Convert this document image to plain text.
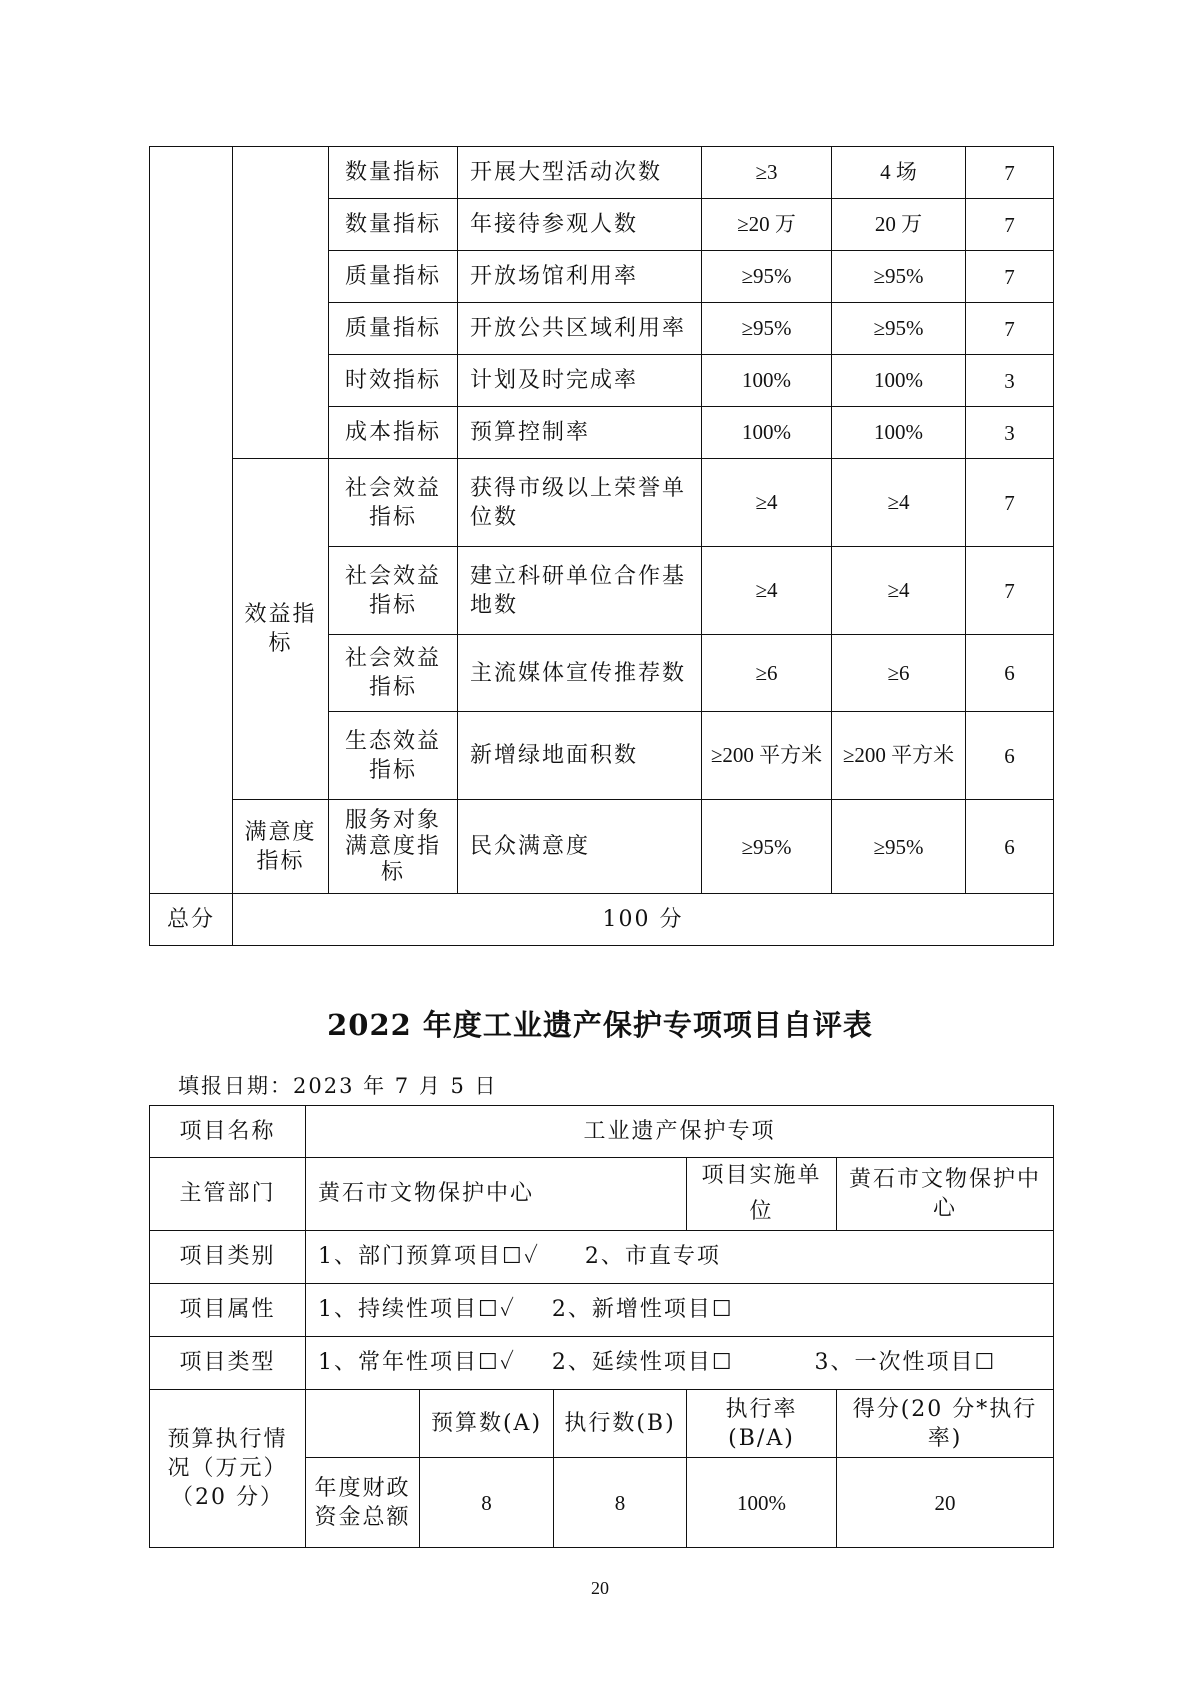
		数量指标	开展大型活动次数	≥3	4 场	7
		数量指标	年接待参观人数	≥20 万	20 万	7
		质量指标	开放场馆利用率	≥95%	≥95%	7
		质量指标	开放公共区域利用率	≥95%	≥95%	7
		时效指标	计划及时完成率	100%	100%	3
		成本指标	预算控制率	100%	100%	3
	效益指标	社会效益指标	获得市级以上荣誉单位数	≥4	≥4	7
		社会效益指标	建立科研单位合作基地数	≥4	≥4	7
		社会效益指标	主流媒体宣传推荐数	≥6	≥6	6
		生态效益指标	新增绿地面积数	≥200 平方米	≥200 平方米	6
	满意度指标	服务对象满意度指标	民众满意度	≥95%	≥95%	6
总分	100 分					
2022 年度工业遗产保护专项项目自评表
填报日期：2023 年 7 月 5 日
项目名称	工业遗产保护专项				
主管部门	黄石市文物保护中心			项目实施单位	黄石市文物保护中心
项目类别	1、部门预算项目☐✓     2、市直专项				
项目属性	1、持续性项目☐✓    2、新增性项目☐				
项目类型	1、常年性项目☐✓    2、延续性项目☐         3、一次性项目☐				
预算执行情况（万元）（20 分）		预算数(A)	执行数(B)	执行率(B/A)	得分(20 分*执行率)
	年度财政资金总额	8	8	100%	20
20
